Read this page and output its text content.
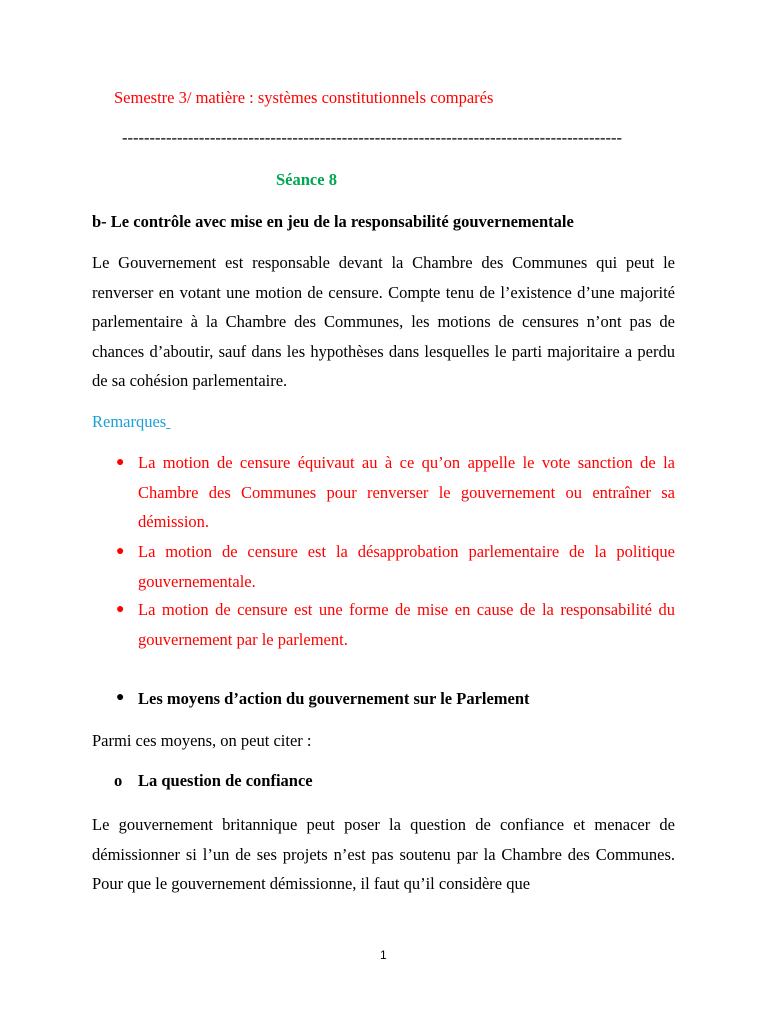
Semestre 3/ matière : systèmes constitutionnels comparés
-------------------------------------------------------------------------------------------
Séance 8
b- Le contrôle avec mise en jeu de la responsabilité gouvernementale
Le Gouvernement est responsable devant la Chambre des Communes qui peut le renverser en votant une motion de censure. Compte tenu de l’existence d’une majorité parlementaire à la Chambre des Communes, les motions de censures n’ont pas de chances d’aboutir, sauf dans les hypothèses dans lesquelles le parti majoritaire a perdu de sa cohésion parlementaire.
Remarques
● La motion de censure équivaut au à ce qu’on appelle le vote sanction de la Chambre des Communes pour renverser le gouvernement ou entraîner sa démission.
● La motion de censure est la désapprobation parlementaire de la politique gouvernementale.
● La motion de censure est une forme de mise en cause de la responsabilité du gouvernement par le parlement.
● Les moyens d’action du gouvernement sur le Parlement
Parmi ces moyens, on peut citer :
o La question de confiance
Le gouvernement britannique peut poser la question de confiance et menacer de démissionner si l’un de ses projets n’est pas soutenu par la Chambre des Communes. Pour que le gouvernement démissionne, il faut qu’il considère que
1
